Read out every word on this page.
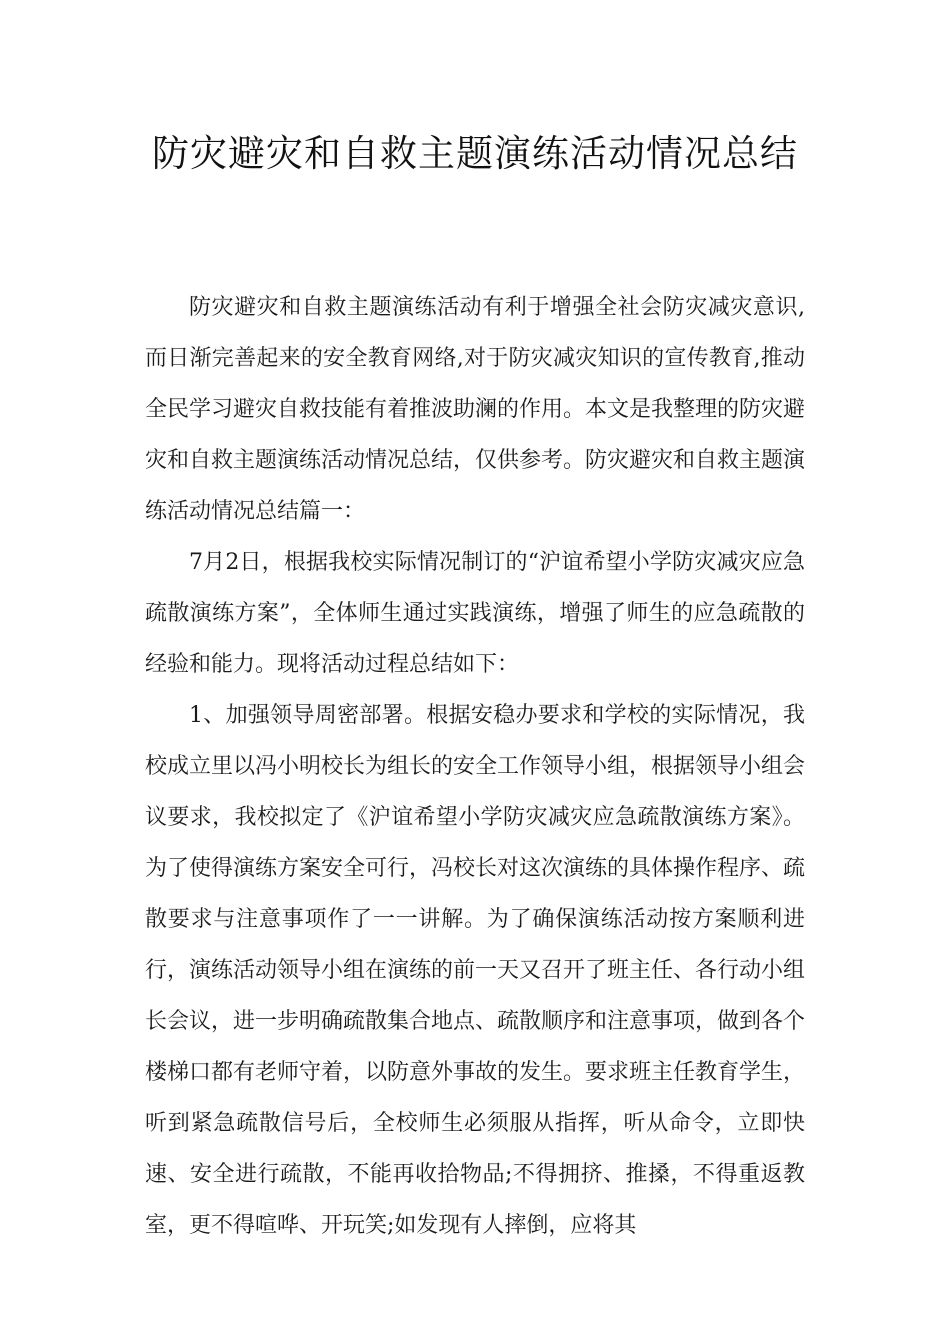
防灾避灾和自救主题演练活动情况总结

防灾避灾和自救主题演练活动有利于增强全社会防灾减灾意识,而日渐完善起来的安全教育网络,对于防灾减灾知识的宣传教育,推动全民学习避灾自救技能有着推波助澜的作用。本文是我整理的防灾避灾和自救主题演练活动情况总结，仅供参考。防灾避灾和自救主题演练活动情况总结篇一：

7月2日，根据我校实际情况制订的“沪谊希望小学防灾减灾应急疏散演练方案”，全体师生通过实践演练，增强了师生的应急疏散的经验和能力。现将活动过程总结如下：

1、加强领导周密部署。根据安稳办要求和学校的实际情况，我校成立里以冯小明校长为组长的安全工作领导小组，根据领导小组会议要求，我校拟定了《沪谊希望小学防灾减灾应急疏散演练方案》。为了使得演练方案安全可行，冯校长对这次演练的具体操作程序、疏散要求与注意事项作了一一讲解。为了确保演练活动按方案顺利进行，演练活动领导小组在演练的前一天又召开了班主任、各行动小组长会议，进一步明确疏散集合地点、疏散顺序和注意事项，做到各个楼梯口都有老师守着，以防意外事故的发生。要求班主任教育学生，听到紧急疏散信号后，全校师生必须服从指挥，听从命令，立即快速、安全进行疏散，不能再收拾物品;不得拥挤、推搡，不得重返教室，更不得喧哗、开玩笑;如发现有人摔倒，应将其
